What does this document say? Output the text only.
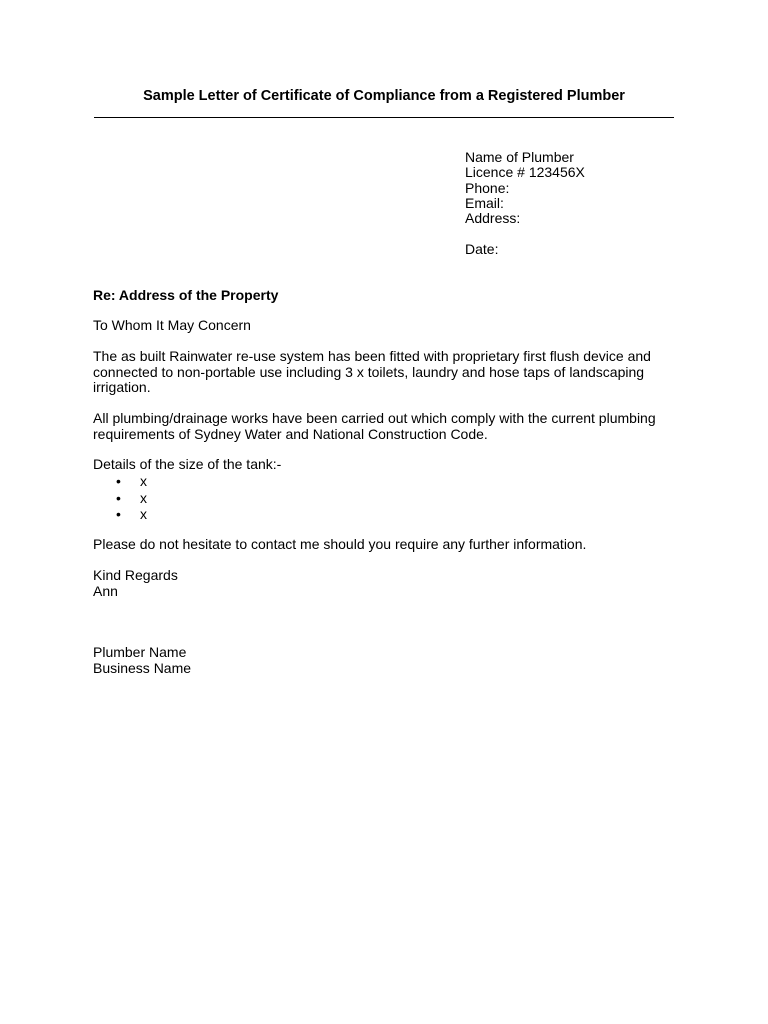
Sample Letter of Certificate of Compliance from a Registered Plumber
Name of Plumber
Licence # 123456X
Phone:
Email:
Address:
Date:
Re: Address of the Property
To Whom It May Concern
The as built Rainwater re-use system has been fitted with proprietary first flush device and connected to non-portable use including 3 x toilets, laundry and hose taps of landscaping irrigation.
All plumbing/drainage works have been carried out which comply with the current plumbing requirements of Sydney Water and National Construction Code.
Details of the size of the tank:-
• x
• x
• x
Please do not hesitate to contact me should you require any further information.
Kind Regards
Ann
Plumber Name
Business Name
